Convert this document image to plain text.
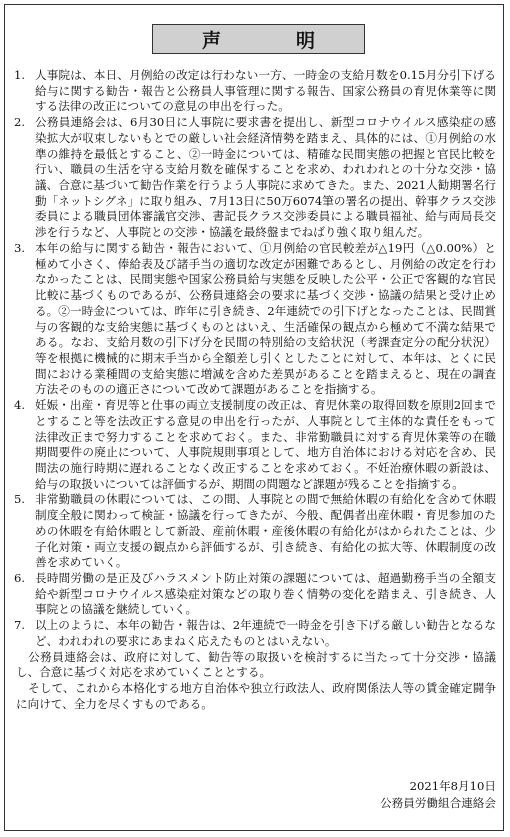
声　明

1. 人事院は、本日、月例給の改定は行わない一方、一時金の支給月数を0.15月分引下げる給与に関する勧告・報告と公務員人事管理に関する報告、国家公務員の育児休業等に関する法律の改正についての意見の申出を行った。

2. 公務員連絡会は、6月30日に人事院に要求書を提出し、新型コロナウイルス感染症の感染拡大が収束しないもとでの厳しい社会経済情勢を踏まえ、具体的には、①月例給の水準の維持を最低とすること、②一時金については、精確な民間実態の把握と官民比較を行い、職員の生活を守る支給月数を確保することを求め、われわれとの十分な交渉・協議、合意に基づいて勧告作業を行うよう人事院に求めてきた。また、2021人勧期署名行動「ネットシグネ」に取り組み、7月13日に50万6074筆の署名の提出、幹事クラス交渉委員による職員団体審議官交渉、書記長クラス交渉委員による職員福祉、給与両局長交渉を行うなど、人事院との交渉・協議を最終盤までねばり強く取り組んだ。

3. 本年の給与に関する勧告・報告において、①月例給の官民較差が△19円（△0.00%）と極めて小さく、俸給表及び諸手当の適切な改定が困難であるとし、月例給の改定を行わなかったことは、民間実態や国家公務員給与実態を反映した公平・公正で客観的な官民比較に基づくものであるが、公務員連絡会の要求に基づく交渉・協議の結果と受け止める。②一時金については、昨年に引き続き、2年連続での引下げとなったことは、民間賞与の客観的な支給実態に基づくものとはいえ、生活確保の観点から極めて不満な結果である。なお、支給月数の引下げ分を民間の特別給の支給状況（考課査定分の配分状況）等を根拠に機械的に期末手当から全額差し引くとしたことに対して、本年は、とくに民間における業種間の支給実態に増減を含めた差異があることを踏まえると、現在の調査方法そのものの適正さについて改めて課題があることを指摘する。

4. 妊娠・出産・育児等と仕事の両立支援制度の改正は、育児休業の取得回数を原則2回までとすること等を法改正する意見の申出を行ったが、人事院として主体的な責任をもって法律改正まで努力することを求めておく。また、非常勤職員に対する育児休業等の在職期間要件の廃止について、人事院規則事項として、地方自治体における対応を含め、民間法の施行時期に遅れることなく改正することを求めておく。不妊治療休暇の新設は、給与の取扱いについては評価するが、期間の問題など課題が残ることを指摘する。

5. 非常勤職員の休暇については、この間、人事院との間で無給休暇の有給化を含めて休暇制度全般に関わって検証・協議を行ってきたが、今般、配偶者出産休暇・育児参加のための休暇を有給休暇として新設、産前休暇・産後休暇の有給化がはかられたことは、少子化対策・両立支援の観点から評価するが、引き続き、有給化の拡大等、休暇制度の改善を求めていく。

6. 長時間労働の是正及びハラスメント防止対策の課題については、超過勤務手当の全額支給や新型コロナウイルス感染症対策などの取り巻く情勢の変化を踏まえ、引き続き、人事院との協議を継続していく。

7. 以上のように、本年の勧告・報告は、2年連続で一時金を引き下げる厳しい勧告となるなど、われわれの要求にあまねく応えたものとはいえない。

公務員連絡会は、政府に対して、勧告等の取扱いを検討するに当たって十分交渉・協議し、合意に基づく対応を求めていくこととする。

そして、これから本格化する地方自治体や独立行政法人、政府関係法人等の賃金確定闘争に向けて、全力を尽くすものである。

2021年8月10日
公務員労働組合連絡会
